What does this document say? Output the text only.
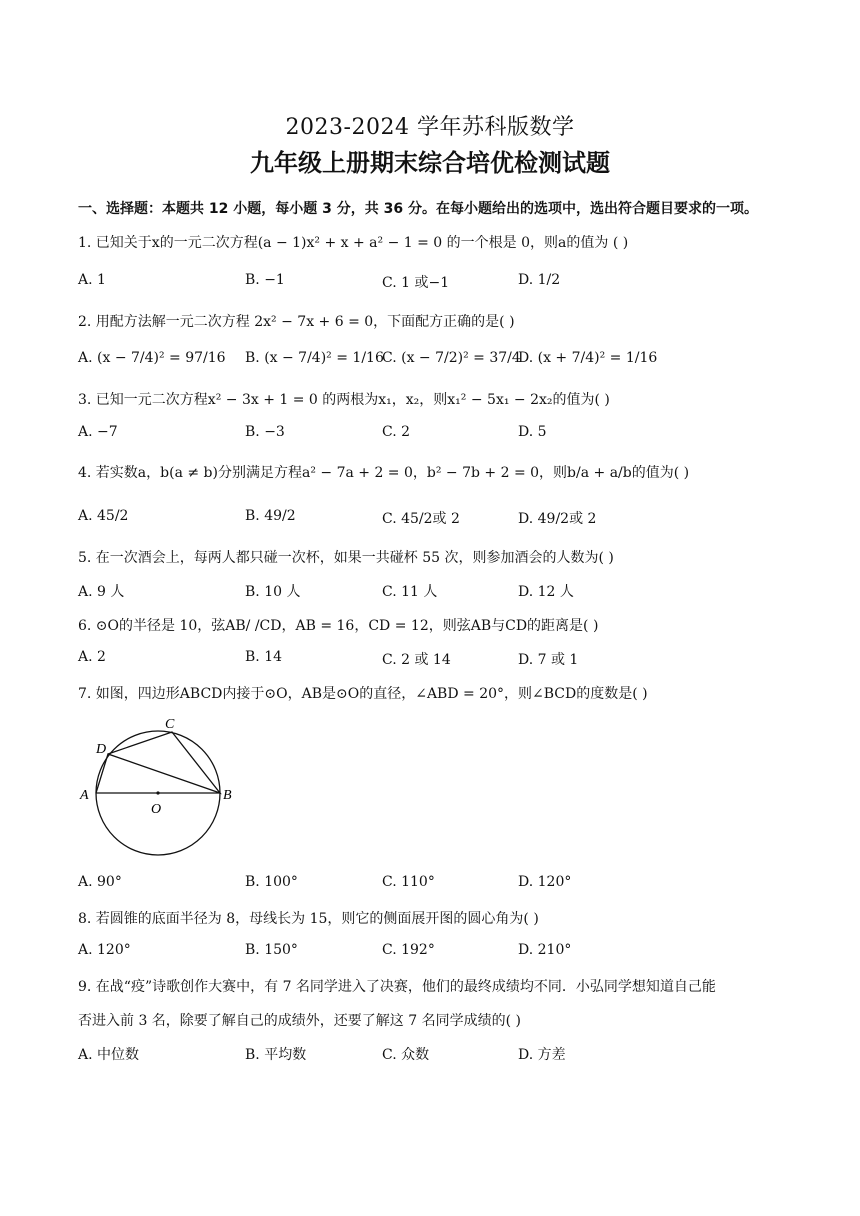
2023-2024 学年苏科版数学
九年级上册期末综合培优检测试题
一、选择题：本题共 12 小题，每小题 3 分，共 36 分。在每小题给出的选项中，选出符合题目要求的一项。
1. 已知关于x的一元二次方程(a − 1)x² + x + a² − 1 = 0 的一个根是 0，则a的值为 ( )
A. 1	B. −1	C. 1 或−1	D. 1/2
2. 用配方法解一元二次方程 2x² − 7x + 6 = 0，下面配方正确的是( )
A. (x − 7/4)² = 97/16 B. (x − 7/4)² = 1/16
C. (x − 7/2)² = 37/4
D. (x + 7/4)² = 1/16
3. 已知一元二次方程x² − 3x + 1 = 0 的两根为x₁，x₂，则x₁² − 5x₁ − 2x₂的值为( )
A. −7	B. −3	C. 2	D. 5
4. 若实数a，b(a ≠ b)分别满足方程a² − 7a + 2 = 0，b² − 7b + 2 = 0，则b/a + a/b的值为( )
A. 45/2	B. 49/2	C. 45/2或 2	D. 49/2或 2
5. 在一次酒会上，每两人都只碰一次杯，如果一共碰杯 55 次，则参加酒会的人数为( )
A. 9 人	B. 10 人	C. 11 人	D. 12 人
6. ⊙O的半径是 10，弦AB/ /CD，AB = 16，CD = 12，则弦AB与CD的距离是( )
A. 2	B. 14	C. 2 或 14	D. 7 或 1
7. 如图，四边形ABCD内接于⊙O，AB是⊙O的直径，∠ABD = 20°，则∠BCD的度数是( )
A	B
C
D
O
A. 90°	B. 100°	C. 110°	D. 120°
8. 若圆锥的底面半径为 8，母线长为 15，则它的侧面展开图的圆心角为( )
A. 120°	B. 150°	C. 192°	D. 210°
9. 在战“疫”诗歌创作大赛中，有 7 名同学进入了决赛，他们的最终成绩均不同．小弘同学想知道自己能
否进入前 3 名，除要了解自己的成绩外，还要了解这 7 名同学成绩的( )
A. 中位数	B. 平均数	C. 众数	D. 方差
